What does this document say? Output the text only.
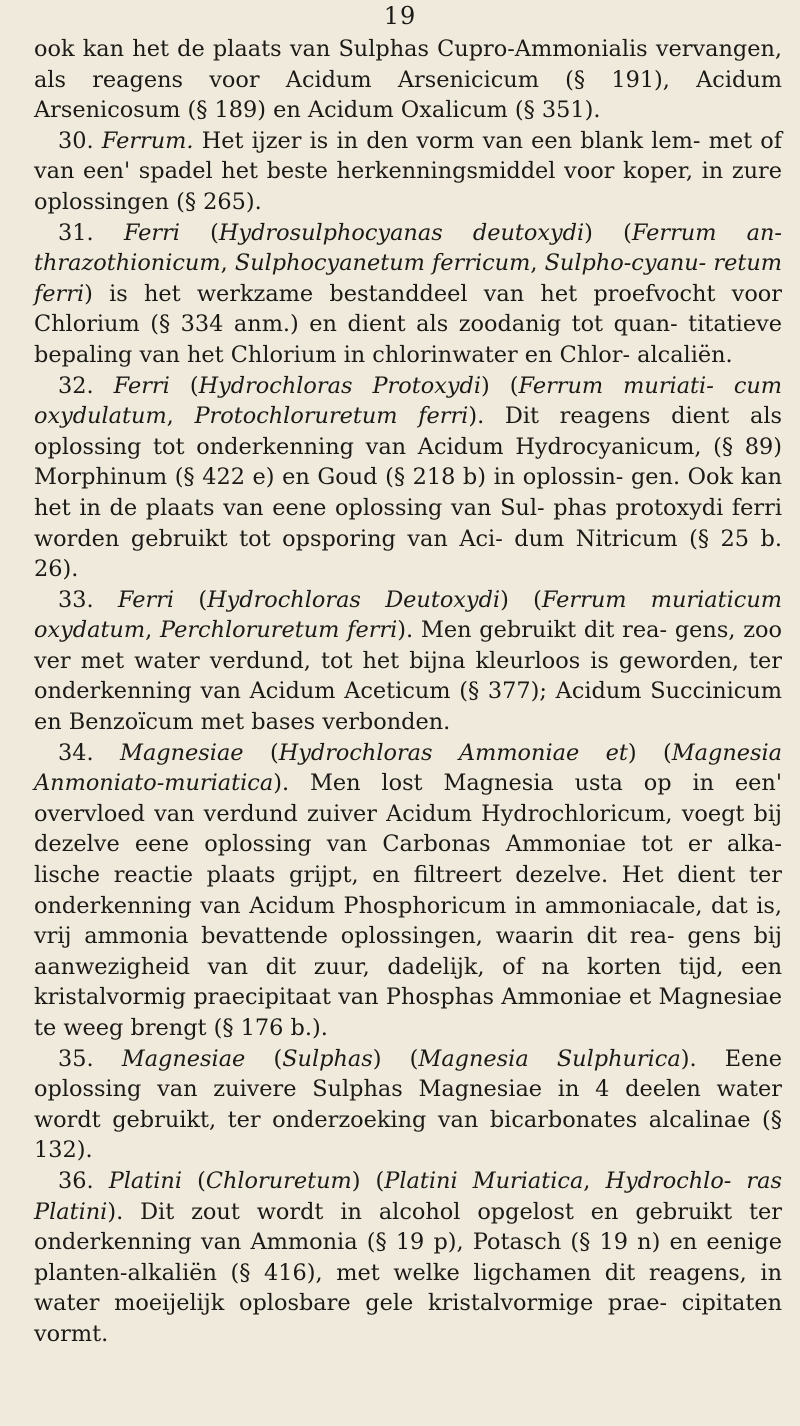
19

ook kan het de plaats van Sulphas Cupro-Ammonialis vervangen, als reagens voor Acidum Arsenicicum (§ 191), Acidum Arsenicosum (§ 189) en Acidum Oxalicum (§ 351).

30. Ferrum. Het ijzer is in den vorm van een blank lem- met of van een' spadel het beste herkenningsmiddel voor koper, in zure oplossingen (§ 265).

31. Ferri (Hydrosulphocyanas deutoxydi) (Ferrum an- thrazothionicum, Sulphocyanetum ferricum, Sulpho-cyanu- retum ferri) is het werkzame bestanddeel van het proefvocht voor Chlorium (§ 334 anm.) en dient als zoodanig tot quan- titatieve bepaling van het Chlorium in chlorinwater en Chlor- alcaliën.

32. Ferri (Hydrochloras Protoxydi) (Ferrum muriati- cum oxydulatum, Protochloruretum ferri). Dit reagens dient als oplossing tot onderkenning van Acidum Hydrocyanicum, (§ 89) Morphinum (§ 422 e) en Goud (§ 218 b) in oplossin- gen. Ook kan het in de plaats van eene oplossing van Sul- phas protoxydi ferri worden gebruikt tot opsporing van Aci- dum Nitricum (§ 25 b. 26).

33. Ferri (Hydrochloras Deutoxydi) (Ferrum muriaticum oxydatum, Perchloruretum ferri). Men gebruikt dit rea- gens, zoo ver met water verdund, tot het bijna kleurloos is geworden, ter onderkenning van Acidum Aceticum (§ 377); Acidum Succinicum en Benzoïcum met bases verbonden.

34. Magnesiae (Hydrochloras Ammoniae et) (Magnesia Anmoniato-muriatica). Men lost Magnesia usta op in een' overvloed van verdund zuiver Acidum Hydrochloricum, voegt bij dezelve eene oplossing van Carbonas Ammoniae tot er alka- lische reactie plaats grijpt, en filtreert dezelve. Het dient ter onderkenning van Acidum Phosphoricum in ammoniacale, dat is, vrij ammonia bevattende oplossingen, waarin dit rea- gens bij aanwezigheid van dit zuur, dadelijk, of na korten tijd, een kristalvormig praecipitaat van Phosphas Ammoniae et Magnesiae te weeg brengt (§ 176 b.).

35. Magnesiae (Sulphas) (Magnesia Sulphurica). Eene oplossing van zuivere Sulphas Magnesiae in 4 deelen water wordt gebruikt, ter onderzoeking van bicarbonates alcalinae (§ 132).

36. Platini (Chloruretum) (Platini Muriatica, Hydrochlo- ras Platini). Dit zout wordt in alcohol opgelost en gebruikt ter onderkenning van Ammonia (§ 19 p), Potasch (§ 19 n) en eenige planten-alkaliën (§ 416), met welke ligchamen dit reagens, in water moeijelijk oplosbare gele kristalvormige prae- cipitaten vormt.
